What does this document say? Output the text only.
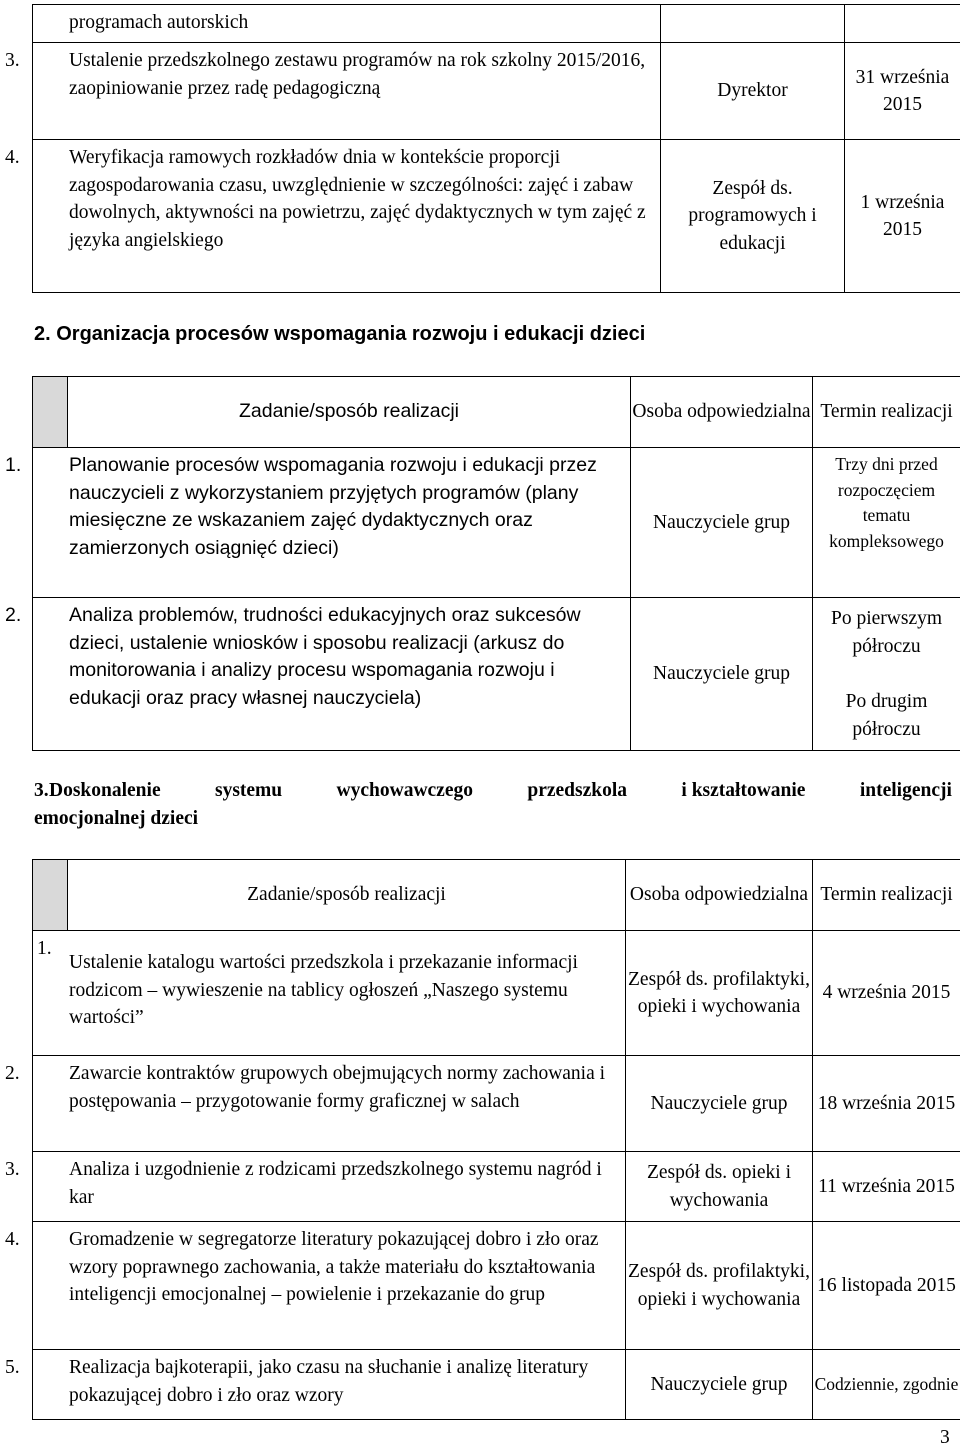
programach autorskich		

3. Ustalenie przedszkolnego zestawu programów na rok szkolny 2015/2016, zaopiniowanie przez radę pedagogiczną	Dyrektor	31 września 2015

4. Weryfikacja ramowych rozkładów dnia w kontekście proporcji zagospodarowania czasu, uwzględnienie w szczególności: zajęć i zabaw dowolnych, aktywności na powietrzu, zajęć dydaktycznych w tym zajęć z języka angielskiego	Zespół ds. programowych i edukacji	1 września 2015
2. Organizacja procesów wspomagania rozwoju i edukacji dzieci
	Zadanie/sposób realizacji	Osoba odpowiedzialna	Termin realizacji

1. Planowanie procesów wspomagania rozwoju i edukacji przez nauczycieli z wykorzystaniem przyjętych programów (plany miesięczne ze wskazaniem zajęć dydaktycznych oraz zamierzonych osiągnięć dzieci)		Nauczyciele grup	Trzy dni przed rozpoczęciem tematu kompleksowego

2. Analiza problemów, trudności edukacyjnych oraz sukcesów dzieci, ustalenie wniosków i sposobu realizacji (arkusz do monitorowania i analizy procesu wspomagania rozwoju i edukacji oraz pracy własnej nauczyciela)		Nauczyciele grup	Po pierwszym półroczu
Po drugim półroczu
3. Doskonalenie	systemu	wychowawczego	przedszkola	i kształtowanie	inteligencji
emocjonalnej dzieci
	Zadanie/sposób realizacji	Osoba odpowiedzialna	Termin realizacji

1.
Ustalenie katalogu wartości przedszkola i przekazanie informacji rodzicom – wywieszenie na tablicy ogłoszeń „Naszego systemu wartości”		Zespół ds. profilaktyki, opieki i wychowania	4 września 2015

2. Zawarcie kontraktów grupowych obejmujących normy zachowania i postępowania – przygotowanie formy graficznej w salach		Nauczyciele grup	18 września 2015

3. Analiza i uzgodnienie z rodzicami przedszkolnego systemu nagród i kar		Zespół ds. opieki i wychowania	11 września 2015

4. Gromadzenie w segregatorze literatury pokazującej dobro i zło oraz wzory poprawnego zachowania, a także materiału do kształtowania inteligencji emocjonalnej – powielenie i przekazanie do grup		Zespół ds. profilaktyki, opieki i wychowania	16 listopada 2015

5. Realizacja bajkoterapii, jako czasu na słuchanie i analizę literatury pokazującej dobro i zło oraz wzory		Nauczyciele grup	Codziennie, zgodnie
3
